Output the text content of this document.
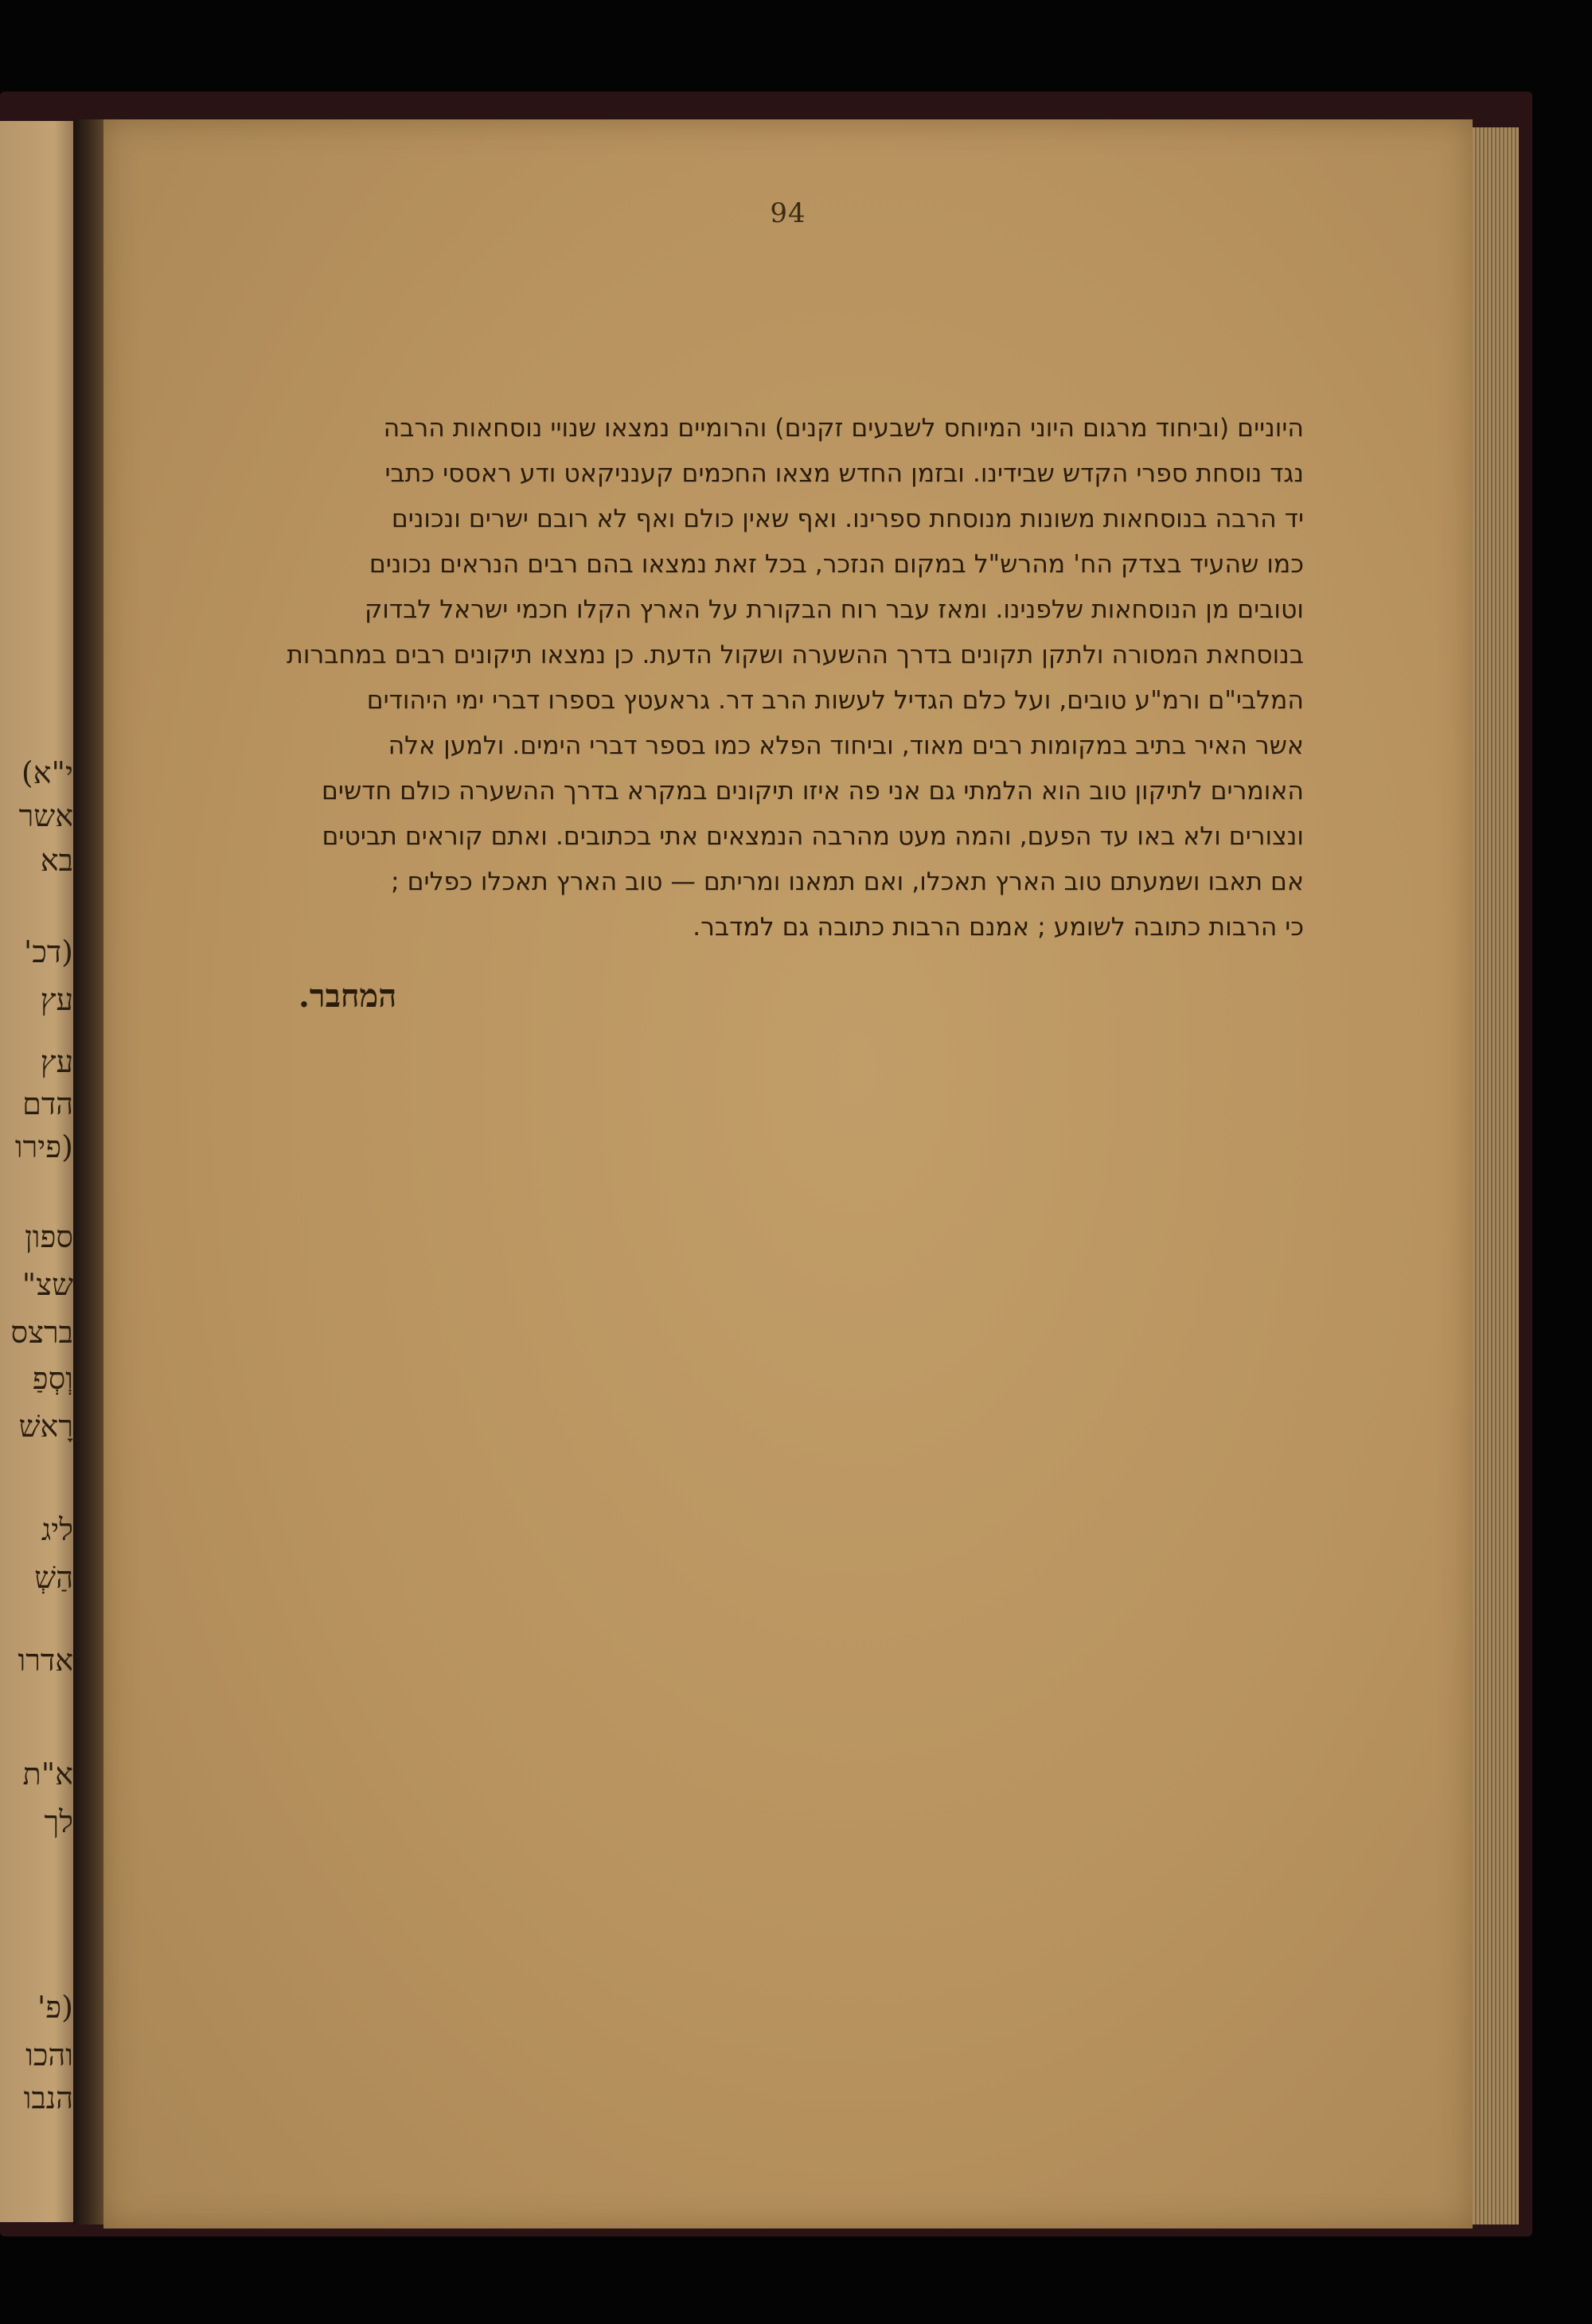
י"א)
אשר
בא
(דכ'
עץ
עץ
הדם
(פירו
ספון
שצ"
ברצס
וְסְפַ
רָאשׁ
ליג
הַשְׁ
אדרו
א"ת
לך
(פ'
והכו
הנבו
94
היוניים (וביחוד מרגום היוני המיוחס לשבעים זקנים) והרומיים נמצאו שנויי נוסחאות הרבה
נגד נוסחת ספרי הקדש שבידינו. ובזמן החדש מצאו החכמים קענניקאט ודע ראססי כתבי
יד הרבה בנוסחאות משונות מנוסחת ספרינו. ואף שאין כולם ואף לא רובם ישרים ונכונים
כמו שהעיד בצדק הח' מהרש"ל במקום הנזכר, בכל זאת נמצאו בהם רבים הנראים נכונים
וטובים מן הנוסחאות שלפנינו. ומאז עבר רוח הבקורת על הארץ הקלו חכמי ישראל לבדוק
בנוסחאת המסורה ולתקן תקונים בדרך ההשערה ושקול הדעת. כן נמצאו תיקונים רבים במחברות
המלבי"ם ורמ"ע טובים, ועל כלם הגדיל לעשות הרב דר. גראעטץ בספרו דברי ימי היהודים
אשר האיר בתיב במקומות רבים מאוד, וביחוד הפלא כמו בספר דברי הימים. ולמען אלה
האומרים לתיקון טוב הוא הלמתי גם אני פה איזו תיקונים במקרא בדרך ההשערה כולם חדשים
ונצורים ולא באו עד הפעם, והמה מעט מהרבה הנמצאים אתי בכתובים. ואתם קוראים תביטים
אם תאבו ושמעתם טוב הארץ תאכלו, ואם תמאנו ומריתם — טוב הארץ תאכלו כפלים ;
כי הרבות כתובה לשומע ; אמנם הרבות כתובה גם למדבר.
המחבר.
